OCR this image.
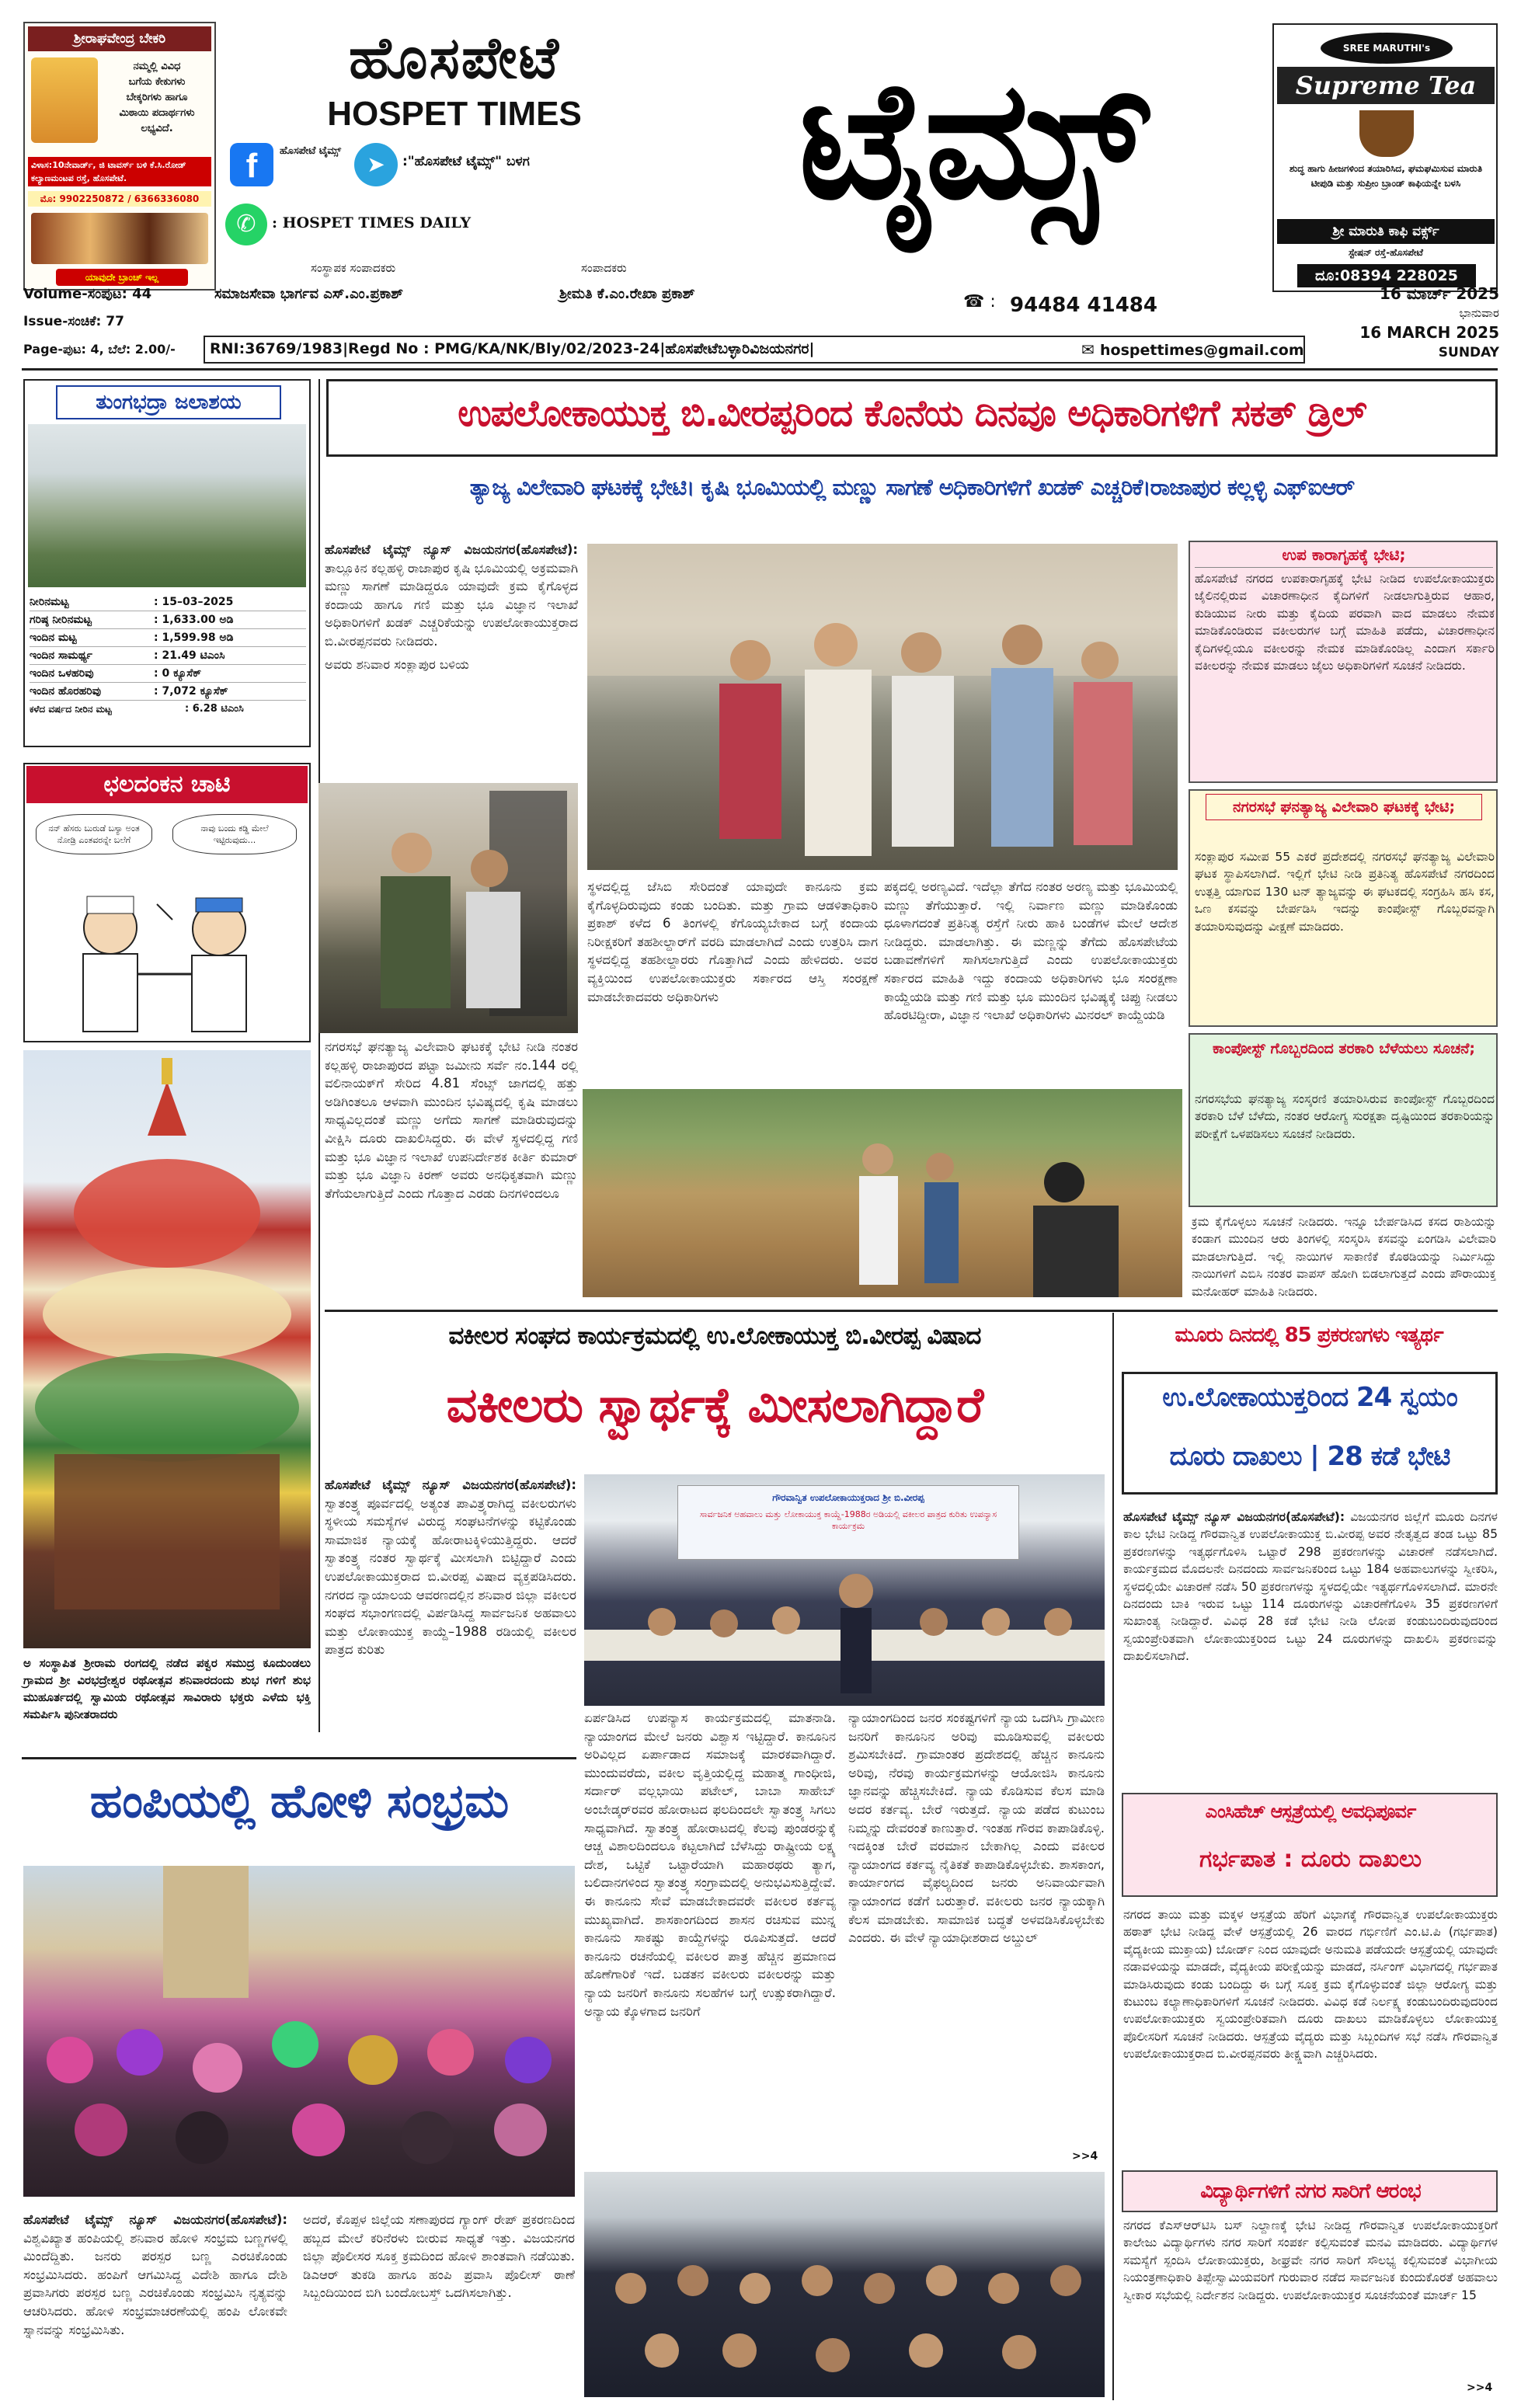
ಶ್ರೀರಾಘವೇಂದ್ರ ಬೇಕರಿ
ನಮ್ಮಲ್ಲಿ ವಿವಿಧ
ಬಗೆಯ ಕೇಕುಗಳು
ಬೇಕ್ಕರಿಗಳು ಹಾಗೂ
ಮಿಠಾಯಿ ಪದಾರ್ಥಗಳು ಲಭ್ಯವಿದೆ.
ವಿಳಾಸ:10ನೇವಾರ್ಡ್, ಜಿ ಟಾವರ್ಸ್‌ ಬಳಿ ಕೆ.ಸಿ.ರೋಡ್ ಕಲ್ಯಾಣಮಂಟಪ ರಸ್ತೆ, ಹೊಸಪೇಟೆ.
ಮೊ: 9902250872 / 6366336080
ಯಾವುದೇ ಬ್ರಾಂಚ್ ಇಲ್ಲ
ಹೊಸಪೇಟೆ
HOSPET TIMES	ಟೈಮ್ಸ್
f	ಹೊಸಪೇಟೆ ಟೈಮ್ಸ್
➤	:"ಹೊಸಪೇಟೆ ಟೈಮ್ಸ್" ಬಳಗ
✆	: HOSPET TIMES DAILY
ಸಂಸ್ಥಾಪಕ ಸಂಪಾದಕರು	ಸಂಪಾದಕರು
SREE MARUTHI's
Supreme Tea
ಶುದ್ಧ ಹಾಗು ಹೀಜಗಳಿಂದ ತಯಾರಿಸಿದ, ಘಮಘಮಿಸುವ ಮಾರುತಿ ಟೀಪುಡಿ ಮತ್ತು ಸುಪ್ರೀಂ ಬ್ರಾಂಡ್ ಕಾಫಿಯನ್ನೇ ಬಳಸಿ
ಶ್ರೀ ಮಾರುತಿ ಕಾಫಿ ವರ್ಕ್ಸ್
ಸ್ಟೇಷನ್ ರಸ್ತೆ-ಹೊಸಪೇಟೆ
ದೂ:08394 228025
Volume-ಸಂಪುಟ: 44
Issue-ಸಂಚಿಕೆ: 77
Page-ಪುಟ: 4, ಬೆಲೆ: 2.00/-
ಸಮಾಜಸೇವಾ ಭಾರ್ಗವ ಎಸ್.ಎಂ.ಪ್ರಕಾಶ್	ಶ್ರೀಮತಿ ಕೆ.ಎಂ.ರೇಖಾ ಪ್ರಕಾಶ್	☎ : 94484 41484	16 ಮಾರ್ಚ್ 2025
ಭಾನುವಾರ
16 MARCH 2025
SUNDAY
RNI:36769/1983|Regd No : PMG/KA/NK/Bly/02/2023-24|ಹೊಸಪೇಟೆಬಳ್ಳಾರಿವಿಜಯನಗರ|	✉ hospettimes@gmail.com
ತುಂಗಭದ್ರಾ ಜಲಾಶಯ
ನೀರಿನಮಟ್ಟ	: 15–03–2025
ಗರಿಷ್ಠ ನೀರಿನಮಟ್ಟ	: 1,633.00 ಅಡಿ
ಇಂದಿನ ಮಟ್ಟ	: 1,599.98 ಅಡಿ
ಇಂದಿನ ಸಾಮರ್ಥ್ಯ	: 21.49 ಟಿಎಂಸಿ
ಇಂದಿನ ಒಳಹರಿವು	: 0 ಕ್ಯೂಸೆಕ್
ಇಂದಿನ ಹೊರಹರಿವು	: 7,072 ಕ್ಯೂಸೆಕ್
ಕಳೆದ ವರ್ಷದ ನೀರಿನ ಮಟ್ಟ	: 6.28 ಟಿಎಂಸಿ
ಛಲದಂಕನ ಚಾಟಿ
ನನ್ ಹೆಸರು ಬುರುಡೆ ಬಸ್ಯಾ ಅಂತ ನೋಡ್ರಿ ಎಂತವರನ್ನೇ ಬಲೆಗೆ
ನಾವು ಬಂದು ಕಡ್ಡಿ ಮೇಲೆ ಇಟ್ಟಿರುವುದು...
ಅ ಸಂಸ್ಥಾಪಿತ ಶ್ರೀರಾಮ ರಂಗದಲ್ಲಿ ನಡೆದ ಪಕ್ವರ ಸಮುದ್ರ ಕೂದುಂಡಲು ಗ್ರಾಮದ ಶ್ರೀ ವಿರಭದ್ರೇಶ್ವರ ರಥೋತ್ಸವ ಶನಿವಾರದಂದು ಶುಭ ಗಳಿಗೆ ಶುಭ ಮುಹೂರ್ತದಲ್ಲಿ ಸ್ವಾಮಿಯ ರಥೋತ್ಸವ ಸಾವಿರಾರು ಭಕ್ತರು ಎಳೆದು ಭಕ್ತಿ ಸಮರ್ಪಿಸಿ ಪುನೀತರಾದರು
ಉಪಲೋಕಾಯುಕ್ತ ಬಿ.ವೀರಪ್ಪರಿಂದ ಕೊನೆಯ ದಿನವೂ ಅಧಿಕಾರಿಗಳಿಗೆ ಸಕತ್ ಡ್ರಿಲ್
ತ್ಯಾಜ್ಯ ವಿಲೇವಾರಿ ಘಟಕಕ್ಕೆ ಭೇಟಿ। ಕೃಷಿ ಭೂಮಿಯಲ್ಲಿ ಮಣ್ಣು ಸಾಗಣೆ ಅಧಿಕಾರಿಗಳಿಗೆ ಖಡಕ್ ಎಚ್ಚರಿಕೆ।ರಾಜಾಪುರ ಕಲ್ಲಳ್ಳಿ ಎಫ್‌ಐಆರ್
ಹೊಸಪೇಟೆ ಟೈಮ್ಸ್ ನ್ಯೂಸ್ ವಿಜಯನಗರ(ಹೊಸಪೇಟೆ): ತಾಲ್ಲೂಕಿನ ಕಲ್ಲಹಳ್ಳಿ ರಾಜಾಪುರ ಕೃಷಿ ಭೂಮಿಯಲ್ಲಿ ಅಕ್ರಮವಾಗಿ ಮಣ್ಣು ಸಾಗಣೆ ಮಾಡಿದ್ದರೂ ಯಾವುದೇ ಕ್ರಮ ಕೈಗೊಳ್ಳದ ಕಂದಾಯ ಹಾಗೂ ಗಣಿ ಮತ್ತು ಭೂ ವಿಜ್ಞಾನ ಇಲಾಖೆ ಅಧಿಕಾರಿಗಳಿಗೆ ಖಡಕ್ ಎಚ್ಚರಿಕೆಯನ್ನು ಉಪಲೋಕಾಯುಕ್ತರಾದ ಬಿ.ವೀರಪ್ಪನವರು ನೀಡಿದರು.

ಅವರು ಶನಿವಾರ ಸಂಕ್ಲಾಪುರ ಬಳಿಯ

ನಗರಸಭೆ ಘನತ್ಯಾಜ್ಯ ವಿಲೇವಾರಿ ಘಟಕಕ್ಕೆ ಭೇಟಿ ನೀಡಿ ನಂತರ ಕಲ್ಲಹಳ್ಳಿ ರಾಜಾಪುರದ ಪಟ್ಟಾ ಜಮೀನು ಸರ್ವೆ ನಂ.144 ರಲ್ಲಿ ವಲಿನಾಯಕ್‌ಗೆ ಸೇರಿದ 4.81 ಸೆಂಟ್ಸ್ ಜಾಗದಲ್ಲಿ ಹತ್ತು ಅಡಿಗಿಂತಲೂ ಆಳವಾಗಿ ಮುಂದಿನ ಭವಿಷ್ಯದಲ್ಲಿ ಕೃಷಿ ಮಾಡಲು ಸಾಧ್ಯವಿಲ್ಲದಂತೆ ಮಣ್ಣು ಅಗೆದು ಸಾಗಣೆ ಮಾಡಿರುವುದನ್ನು ವೀಕ್ಷಿಸಿ ದೂರು ದಾಖಲಿಸಿದ್ದರು. ಈ ವೇಳೆ ಸ್ಥಳದಲ್ಲಿದ್ದ ಗಣಿ ಮತ್ತು ಭೂ ವಿಜ್ಞಾನ ಇಲಾಖೆ ಉಪನಿರ್ದೇಶಕ ಕೀರ್ತಿ ಕುಮಾರ್ ಮತ್ತು ಭೂ ವಿಜ್ಞಾನಿ ಕಿರಣ್ ಅವರು ಅನಧಿಕೃತವಾಗಿ ಮಣ್ಣು ತೆಗೆಯಲಾಗುತ್ತಿದೆ ಎಂದು ಗೊತ್ತಾದ ಎರಡು ದಿನಗಳಿಂದಲೂ
ಸ್ಥಳದಲ್ಲಿದ್ದ ಜೆಸಿಬಿ ಸೇರಿದಂತೆ ಯಾವುದೇ ಕಾನೂನು ಕ್ರಮ ಕೈಗೊಳ್ಳದಿರುವುದು ಕಂಡು ಬಂದಿತು. ಮತ್ತು ಗ್ರಾಮ ಆಡಳಿತಾಧಿಕಾರಿ ಪ್ರಕಾಶ್ ಕಳೆದ 6 ತಿಂಗಳಲ್ಲಿ ಕೆಗೊಯ್ಯಬೇಕಾದ ಬಗ್ಗೆ ಕಂದಾಯ ನಿರೀಕ್ಷಕರಿಗೆ ತಹಶೀಲ್ದಾರ್‌ಗೆ ವರದಿ ಮಾಡಲಾಗಿದೆ ಎಂದು ಉತ್ತರಿಸಿ ದಾಗ ಸ್ಥಳದಲ್ಲಿದ್ದ ತಹಶೀಲ್ದಾರರು ಗೊತ್ತಾಗಿದೆ ಎಂದು ಹೇಳಿದರು. ಅವರ ವ್ಯಕ್ತಿಯಿಂದ ಉಪಲೋಕಾಯುಕ್ತರು ಸರ್ಕಾರದ ಆಸ್ತಿ ಸಂರಕ್ಷಣೆ ಮಾಡಬೇಕಾದವರು ಅಧಿಕಾರಿಗಳು
ಪಕ್ಕದಲ್ಲಿ ಅರಣ್ಯವಿದೆ. ಇದೆಲ್ಲಾ ತೆಗೆದ ನಂತರ ಅರಣ್ಯ ಮತ್ತು ಭೂಮಿಯಲ್ಲಿ ಮಣ್ಣು ತೆಗೆಯುತ್ತಾರೆ. ಇಲ್ಲಿ ನಿರ್ವಾಣ ಮಣ್ಣು ಮಾಡಿಕೊಂಡು ಧೂಳಾಗದಂತೆ ಪ್ರತಿನಿತ್ಯ ರಸ್ತೆಗೆ ನೀರು ಹಾಕಿ ಬಂಡೆಗಳ ಮೇಲೆ ಆದೇಶ ನೀಡಿದ್ದರು. ಮಾಡಲಾಗಿತ್ತು. ಈ ಮಣ್ಣನ್ನು ತೆಗೆದು ಹೊಸಪೇಟೆಯ ಬಡಾವಣೆಗಳಿಗೆ ಸಾಗಿಸಲಾಗುತ್ತಿದೆ ಎಂದು ಉಪಲೋಕಾಯುಕ್ತರು ಸರ್ಕಾರದ ಮಾಹಿತಿ ಇದ್ದು ಕಂದಾಯ ಅಧಿಕಾರಿಗಳು ಭೂ ಸಂರಕ್ಷಣಾ ಕಾಯ್ದೆಯಡಿ ಮತ್ತು ಗಣಿ ಮತ್ತು ಭೂ ಮುಂದಿನ ಭವಿಷ್ಯಕ್ಕೆ ಚಿಪ್ಪು ನೀಡಲು ಹೊರಟಿದ್ದೀರಾ, ವಿಜ್ಞಾನ ಇಲಾಖೆ ಅಧಿಕಾರಿಗಳು ಮಿನರಲ್ ಕಾಯ್ದೆಯಡಿ
ಉಪ ಕಾರಾಗೃಹಕ್ಕೆ ಭೇಟಿ;
ಹೊಸಪೇಟೆ ನಗರದ ಉಪಕಾರಾಗೃಹಕ್ಕೆ ಭೇಟಿ ನೀಡಿದ ಉಪಲೋಕಾಯುಕ್ತರು ಜೈಲಿನಲ್ಲಿರುವ ವಿಚಾರಣಾಧೀನ ಕೈದಿಗಳಿಗೆ ನೀಡಲಾಗುತ್ತಿರುವ ಆಹಾರ, ಕುಡಿಯುವ ನೀರು ಮತ್ತು ಕೈದಿಯ ಪರವಾಗಿ ವಾದ ಮಾಡಲು ನೇಮಕ ಮಾಡಿಕೊಂಡಿರುವ ವಕೀಲರುಗಳ ಬಗ್ಗೆ ಮಾಹಿತಿ ಪಡೆದು, ವಿಚಾರಣಾಧೀನ ಕೈದಿಗಳಲ್ಲಿಯೂ ವಕೀಲರನ್ನು ನೇಮಕ ಮಾಡಿಕೊಂಡಿಲ್ಲ ಎಂದಾಗ ಸರ್ಕಾರಿ ವಕೀಲರನ್ನು ನೇಮಕ ಮಾಡಲು ಜೈಲು ಅಧಿಕಾರಿಗಳಿಗೆ ಸೂಚನೆ ನೀಡಿದರು.
ನಗರಸಭೆ ಘನತ್ಯಾಜ್ಯ ವಿಲೇವಾರಿ ಘಟಕಕ್ಕೆ ಭೇಟಿ;
ಸಂಕ್ಲಾಪುರ ಸಮೀಪ 55 ಎಕರೆ ಪ್ರದೇಶದಲ್ಲಿ ನಗರಸಭೆ ಘನತ್ಯಾಜ್ಯ ವಿಲೇವಾರಿ ಘಟಕ ಸ್ಥಾಪಿಸಲಾಗಿದೆ. ಇಲ್ಲಿಗೆ ಭೇಟಿ ನೀಡಿ ಪ್ರತಿನಿತ್ಯ ಹೊಸಪೇಟೆ ನಗರದಿಂದ ಉತ್ಪತ್ತಿ ಯಾಗುವ 130 ಟನ್ ತ್ಯಾಜ್ಯವನ್ನು ಈ ಘಟಕದಲ್ಲಿ ಸಂಗ್ರಹಿಸಿ ಹಸಿ ಕಸ, ಒಣ ಕಸವನ್ನು ಬೇರ್ಪಡಿಸಿ ಇದನ್ನು ಕಾಂಪೋಸ್ಟ್ ಗೊಬ್ಬರವನ್ನಾಗಿ ತಯಾರಿಸುವುದನ್ನು ವೀಕ್ಷಣೆ ಮಾಡಿದರು.
ಕಾಂಪೋಸ್ಟ್ ಗೊಬ್ಬರದಿಂದ ತರಕಾರಿ ಬೆಳೆಯಲು ಸೂಚನೆ;
ನಗರಸಭೆಯ ಘನತ್ಯಾಜ್ಯ ಸಂಸ್ಕರಣಿ ತಯಾರಿಸಿರುವ ಕಾಂಪೋಸ್ಟ್ ಗೊಬ್ಬರದಿಂದ ತರಕಾರಿ ಬೆಳೆ ಬೆಳೆದು, ನಂತರ ಆರೋಗ್ಯ ಸುರಕ್ಷತಾ ದೃಷ್ಟಿಯಿಂದ ತರಕಾರಿಯನ್ನು ಪರೀಕ್ಷೆಗೆ ಒಳಪಡಿಸಲು ಸೂಚನೆ ನೀಡಿದರು.
ಕ್ರಮ ಕೈಗೊಳ್ಳಲು ಸೂಚನೆ ನೀಡಿದರು. ಇನ್ನೂ ಬೇರ್ಪಡಿಸಿದ ಕಸದ ರಾಶಿಯನ್ನು ಕಂಡಾಗ ಮುಂದಿನ ಆರು ತಿಂಗಳಲ್ಲಿ ಸಂಸ್ಕರಿಸಿ ಕಸವನ್ನು ಏಂಗಡಿಸಿ ವಿಲೇವಾರಿ ಮಾಡಲಾಗುತ್ತಿದೆ. ಇಲ್ಲಿ ನಾಯಿಗಳ ಸಾಕಾಣಿಕೆ ಕೊಠಡಿಯನ್ನು ನಿರ್ಮಿಸಿದ್ದು ನಾಯಿಗಳಿಗೆ ಎಬಿಸಿ ನಂತರ ವಾಪಸ್ ಹೋಗಿ ಬಿಡಲಾಗುತ್ತದೆ ಎಂದು ಪೌರಾಯುಕ್ತ ಮನೋಹರ್ ಮಾಹಿತಿ ನೀಡಿದರು.
ವಕೀಲರ ಸಂಘದ ಕಾರ್ಯಕ್ರಮದಲ್ಲಿ ಉ.ಲೋಕಾಯುಕ್ತ ಬಿ.ವೀರಪ್ಪ ವಿಷಾದ
ವಕೀಲರು ಸ್ವಾರ್ಥಕ್ಕೆ ಮೀಸಲಾಗಿದ್ದಾರೆ
ಹೊಸಪೇಟೆ ಟೈಮ್ಸ್ ನ್ಯೂಸ್ ವಿಜಯನಗರ(ಹೊಸಪೇಟೆ): ಸ್ವಾತಂತ್ರ್ಯ ಪೂರ್ವದಲ್ಲಿ ಅತ್ಯಂತ ಪಾವಿತ್ರ್ಯರಾಗಿದ್ದ ವಕೀಲರುಗಳು ಸ್ಥಳೀಯ ಸಮಸ್ಯೆಗಳ ವಿರುದ್ಧ ಸಂಘಟನೆಗಳನ್ನು ಕಟ್ಟಿಕೊಂಡು ಸಾಮಾಜಿಕ ನ್ಯಾಯಕ್ಕೆ ಹೋರಾಟಕ್ಕಿಳಿಯುತ್ತಿದ್ದರು. ಆದರೆ ಸ್ವಾತಂತ್ರ್ಯ ನಂತರ ಸ್ವಾರ್ಥಕ್ಕೆ ಮೀಸಲಾಗಿ ಬಿಟ್ಟಿದ್ದಾರೆ ಎಂದು ಉಪಲೋಕಾಯುಕ್ತರಾದ ಬಿ.ವೀರಪ್ಪ ವಿಷಾದ ವ್ಯಕ್ತಪಡಿಸಿದರು. ನಗರದ ನ್ಯಾಯಾಲಯ ಆವರಣದಲ್ಲಿನ ಶನಿವಾರ ಜಿಲ್ಲಾ ವಕೀಲರ ಸಂಘದ ಸಭಾಂಗಣದಲ್ಲಿ ವಿರ್ಪಡಿಸಿದ್ದ ಸಾರ್ವಜನಿಕ ಅಹವಾಲು ಮತ್ತು ಲೋಕಾಯುಕ್ತ ಕಾಯ್ದೆ–1988 ರಡಿಯಲ್ಲಿ ವಕೀಲರ ಪಾತ್ರದ ಕುರಿತು
ಗೌರವಾನ್ವಿತ ಉಪಲೋಕಾಯುಕ್ತರಾದ ಶ್ರೀ ಬಿ.ವೀರಪ್ಪ
ಸಾರ್ವಜನಿಕ ಅಹವಾಲು ಮತ್ತು ಲೋಕಾಯುಕ್ತ ಕಾಯ್ದೆ-1988ರ ಅಡಿಯಲ್ಲಿ ವಕೀಲರ ಪಾತ್ರದ ಕುರಿತು ಉಪನ್ಯಾಸ ಕಾರ್ಯಕ್ರಮ
ಏರ್ಪಡಿಸಿದ ಉಪನ್ಯಾಸ ಕಾರ್ಯಕ್ರಮದಲ್ಲಿ ಮಾತನಾಡಿ. ನ್ಯಾಯಾಂಗದ ಮೇಲೆ ಜನರು ವಿಶ್ವಾಸ ಇಟ್ಟಿದ್ದಾರೆ. ಕಾನೂನಿನ ಅರಿವಿಲ್ಲದ ಏರ್ಪಾಡಾದ ಸಮಾಜಕ್ಕೆ ಮಾರಕವಾಗಿದ್ದಾರೆ. ಮುಂದುವರೆದು, ವಕೀಲ ವೃತ್ತಿಯಲ್ಲಿದ್ದ ಮಹಾತ್ಮ ಗಾಂಧೀಜಿ, ಸರ್ದಾರ್ ವಲ್ಲಭಾಯಿ ಪಟೇಲ್, ಬಾಬಾ ಸಾಹೇಬ್ ಅಂಬೇಡ್ಕರ್‌ರವರ ಹೋರಾಟದ ಫಲದಿಂದಲೇ ಸ್ವಾತಂತ್ರ್ಯ ಸಿಗಲು ಸಾಧ್ಯವಾಗಿದೆ. ಸ್ವಾತಂತ್ರ್ಯ ಹೋರಾಟದಲ್ಲಿ ಕೆಲವು ಪುಂಡರನ್ನುಕ್ಕೆ ಆಚ್ಚ ವಿಶಾಲದಿಂದಲೂ ಕಟ್ಟಲಾಗಿದೆ ಬೆಳೆಸಿದ್ದು ರಾಷ್ಟ್ರೀಯ ಲಕ್ಷ್ಯ ದೇಶ, ಒಟ್ಟಿಕೆ ಒಟ್ಟಾರೆಯಾಗಿ ಮಹಾರಥರು ತ್ಯಾಗ, ಬಲಿದಾನಗಳಿಂದ ಸ್ವಾತಂತ್ರ್ಯ ಸಂಗ್ರಾಮದಲ್ಲಿ ಅನುಭವಿಸುತ್ತಿದ್ದೇವೆ. ಈ ಕಾನೂನು ಸೇವೆ ಮಾಡಬೇಕಾದವರೇ ವಕೀಲರ ಕರ್ತವ್ಯ ಮುಖ್ಯವಾಗಿದೆ. ಶಾಸಕಾಂಗದಿಂದ ಶಾಸನ ರಚಿಸುವ ಮುನ್ನ ಕಾನೂನು ಸಾಕಷ್ಟು ಕಾಯ್ದೆಗಳನ್ನು ರೂಪಿಸುತ್ತದೆ. ಆದರೆ ಕಾನೂನು ರಚನೆಯಲ್ಲಿ ವಕೀಲರ ಪಾತ್ರ ಹೆಚ್ಚಿನ ಪ್ರಮಾಣದ ಹೊಣೆಗಾರಿಕೆ ಇದೆ. ಬಡತನ ವಕೀಲರು ವಕೀಲರನ್ನು ಮತ್ತು ನ್ಯಾಯ ಜನರಿಗೆ ಕಾನೂನು ಸಲಹೆಗಳ ಬಗ್ಗೆ ಉತ್ಸುಕರಾಗಿದ್ದಾರೆ. ಅನ್ಯಾಯ ಕ್ಕೊಳಗಾದ ಜನರಿಗೆ
ನ್ಯಾಯಾಂಗದಿಂದ ಜನರ ಸಂಕಷ್ಟಗಳಿಗೆ ನ್ಯಾಯ ಒದಗಿಸಿ ಗ್ರಾಮೀಣ ಜನರಿಗೆ ಕಾನೂನಿನ ಅರಿವು ಮೂಡಿಸುವಲ್ಲಿ ವಕೀಲರು ಶ್ರಮಿಸಬೇಕಿದೆ. ಗ್ರಾಮಾಂತರ ಪ್ರದೇಶದಲ್ಲಿ ಹೆಚ್ಚಿನ ಕಾನೂನು ಅರಿವು, ನೆರವು ಕಾರ್ಯಕ್ರಮಗಳನ್ನು ಆಯೋಜಿಸಿ ಕಾನೂನು ಜ್ಞಾನವನ್ನು ಹೆಚ್ಚಿಸಬೇಕಿದೆ. ನ್ಯಾಯ ಕೊಡಿಸುವ ಕೆಲಸ ಮಾಡಿ ಅದರ ಕರ್ತವ್ಯ. ಬೇರೆ ಇರುತ್ತದೆ. ನ್ಯಾಯ ಪಡೆದ ಕುಟುಂಬ ನಿಮ್ಮನ್ನು ದೇವರಂತೆ ಕಾಣುತ್ತಾರೆ. ಇಂತಹ ಗೌರವ ಕಾಪಾಡಿಕೊಳ್ಳಿ. ಇದಕ್ಕಿಂತ ಬೇರೆ ವರಮಾನ ಬೇಕಾಗಿಲ್ಲ ಎಂದು ವಕೀಲರ ನ್ಯಾಯಾಂಗದ ಕರ್ತವ್ಯ ನೈತಿಕತೆ ಕಾಪಾಡಿಕೊಳ್ಳಬೇಕು. ಶಾಸಕಾಂಗ, ಕಾರ್ಯಾಂಗದ ವೈಫಲ್ಯದಿಂದ ಜನರು ಅನಿವಾರ್ಯವಾಗಿ ನ್ಯಾಯಾಂಗದ ಕಡೆಗೆ ಬರುತ್ತಾರೆ. ವಕೀಲರು ಜನರ ನ್ಯಾಯಕ್ಕಾಗಿ ಕೆಲಸ ಮಾಡಬೇಕು. ಸಾಮಾಜಿಕ ಬದ್ಧತೆ ಅಳವಡಿಸಿಕೊಳ್ಳಬೇಕು ಎಂದರು. ಈ ವೇಳೆ ನ್ಯಾಯಾಧೀಶರಾದ ಅಬ್ದುಲ್
>>4
ಮೂರು ದಿನದಲ್ಲಿ 85 ಪ್ರಕರಣಗಳು ಇತ್ಯರ್ಥ
ಉ.ಲೋಕಾಯುಕ್ತರಿಂದ 24 ಸ್ವಯಂ
ದೂರು ದಾಖಲು | 28 ಕಡೆ ಭೇಟಿ
ಹೊಸಪೇಟೆ ಟೈಮ್ಸ್ ನ್ಯೂಸ್ ವಿಜಯನಗರ(ಹೊಸಪೇಟೆ): ವಿಜಯನಗರ ಜಿಲ್ಲೆಗೆ ಮೂರು ದಿನಗಳ ಕಾಲ ಭೇಟಿ ನೀಡಿದ್ದ ಗೌರವಾನ್ವಿತ ಉಪಲೋಕಾಯುಕ್ತ ಬಿ.ವೀರಪ್ಪ ಅವರ ನೇತೃತ್ವದ ತಂಡ ಒಟ್ಟು 85 ಪ್ರಕರಣಗಳನ್ನು ಇತ್ಯರ್ಥಗೊಳಿಸಿ ಒಟ್ಟಾರೆ 298 ಪ್ರಕರಣಗಳನ್ನು ವಿಚಾರಣೆ ನಡೆಸಲಾಗಿದೆ. ಕಾರ್ಯಕ್ರಮದ ಮೊದಲನೇ ದಿನದಂದು ಸಾರ್ವಜನಿಕರಿಂದ ಒಟ್ಟು 184 ಅಹವಾಲುಗಳನ್ನು ಸ್ವೀಕರಿಸಿ, ಸ್ಥಳದಲ್ಲಿಯೇ ವಿಚಾರಣೆ ನಡೆಸಿ 50 ಪ್ರಕರಣಗಳನ್ನು ಸ್ಥಳದಲ್ಲಿಯೇ ಇತ್ಯರ್ಥಗೊಳಿಸಲಾಗಿದೆ. ಮಾರನೇ ದಿನದಂದು ಬಾಕಿ ಇರುವ ಒಟ್ಟು 114 ದೂರುಗಳನ್ನು ವಿಚಾರಣೆಗೊಳಿಸಿ 35 ಪ್ರಕರಣಗಳಿಗೆ ಸುಖಾಂತ್ಯ ನೀಡಿದ್ದಾರೆ. ವಿವಿಧ 28 ಕಡೆ ಭೇಟಿ ನೀಡಿ ಲೋಪ ಕಂಡುಬಂದಿರುವುದರಿಂದ ಸ್ವಯಂಪ್ರೇರಿತವಾಗಿ ಲೋಕಾಯುಕ್ತರಿಂದ ಒಟ್ಟು 24 ದೂರುಗಳನ್ನು ದಾಖಲಿಸಿ ಪ್ರಕರಣವನ್ನು ದಾಖಲಿಸಲಾಗಿದೆ.
ಎಂಸಿಹೆಚ್ ಆಸ್ಪತ್ರೆಯಲ್ಲಿ ಅವಧಿಪೂರ್ವ
ಗರ್ಭಪಾತ : ದೂರು ದಾಖಲು
ನಗರದ ತಾಯಿ ಮತ್ತು ಮಕ್ಕಳ ಆಸ್ಪತ್ರೆಯ ಹೆರಿಗೆ ವಿಭಾಗಕ್ಕೆ ಗೌರವಾನ್ವಿತ ಉಪಲೋಕಾಯುಕ್ತರು ಹಠಾತ್ ಭೇಟಿ ನೀಡಿದ್ದ ವೇಳೆ ಆಸ್ಪತ್ರೆಯಲ್ಲಿ 26 ವಾರದ ಗರ್ಭಿಣಿಗೆ ಎಂ.ಟಿ.ಪಿ (ಗರ್ಭಪಾತ) ವೈದ್ಯಕೀಯ ಮುಕ್ತಾಯ) ಬೋರ್ಡ್ ನಿಂದ ಯಾವುದೇ ಅನುಮತಿ ಪಡೆಯದೇ ಆಸ್ಪತ್ರೆಯಲ್ಲಿ ಯಾವುದೇ ನಡಾವಳಿಯನ್ನು ಮಾಡದೇ, ವೈದ್ಯಕೀಯ ಪರೀಕ್ಷೆಯನ್ನು ಮಾಡದೆ, ನರ್ಸಿಂಗ್ ವಿಭಾಗದಲ್ಲಿ ಗರ್ಭಪಾತ ಮಾಡಿಸಿರುವುದು ಕಂಡು ಬಂದಿದ್ದು ಈ ಬಗ್ಗೆ ಸೂಕ್ತ ಕ್ರಮ ಕೈಗೊಳ್ಳುವಂತೆ ಜಿಲ್ಲಾ ಆರೋಗ್ಯ ಮತ್ತು ಕುಟುಂಬ ಕಲ್ಯಾಣಾಧಿಕಾರಿಗಳಿಗೆ ಸೂಚನೆ ನೀಡಿದರು. ವಿವಿಧ ಕಡೆ ನಿರ್ಲಕ್ಷ್ಯ ಕಂಡುಬಂದಿರುವುದರಿಂದ ಉಪಲೋಕಾಯುಕ್ತರು ಸ್ವಯಂಪ್ರೇರಿತವಾಗಿ ದೂರು ದಾಖಲು ಮಾಡಿಕೊಳ್ಳಲು ಲೋಕಾಯುಕ್ತ ಪೊಲೀಸರಿಗೆ ಸೂಚನೆ ನೀಡಿದರು. ಆಸ್ಪತ್ರೆಯ ವೈದ್ಯರು ಮತ್ತು ಸಿಬ್ಬಂದಿಗಳ ಸಭೆ ನಡೆಸಿ ಗೌರವಾನ್ವಿತ ಉಪಲೋಕಾಯುಕ್ತರಾದ ಬಿ.ವೀರಪ್ಪನವರು ತೀಕ್ಷ್ಣವಾಗಿ ಎಚ್ಚರಿಸಿದರು.
ವಿದ್ಯಾರ್ಥಿಗಳಿಗೆ ನಗರ ಸಾರಿಗೆ ಆರಂಭ
ನಗರದ ಕೆಎಸ್‌ಆರ್‌ಟಿಸಿ ಬಸ್ ನಿಲ್ದಾಣಕ್ಕೆ ಭೇಟಿ ನೀಡಿದ್ದ ಗೌರವಾನ್ವಿತ ಉಪಲೋಕಾಯುಕ್ತರಿಗೆ ಕಾಲೇಜು ವಿದ್ಯಾರ್ಥಿಗಳು ನಗರ ಸಾರಿಗೆ ಸಂಪರ್ಕ ಕಲ್ಪಿಸುವಂತೆ ಮನವಿ ಮಾಡಿದರು. ವಿದ್ಯಾರ್ಥಿಗಳ ಸಮಸ್ಯೆಗೆ ಸ್ಪಂದಿಸಿ ಲೋಕಾಯುಕ್ತರು, ಶೀಘ್ರವೇ ನಗರ ಸಾರಿಗೆ ಸೌಲಭ್ಯ ಕಲ್ಪಿಸುವಂತೆ ವಿಭಾಗೀಯ ನಿಯಂತ್ರಣಾಧಿಕಾರಿ ತಿಪ್ಪೇಸ್ವಾಮಿಯವರಿಗೆ ಗುರುವಾರ ನಡೆದ ಸಾರ್ವಜನಿಕ ಕುಂದುಕೊರತೆ ಅಹವಾಲು ಸ್ವೀಕಾರ ಸಭೆಯಲ್ಲಿ ನಿರ್ದೇಶನ ನೀಡಿದ್ದರು. ಉಪಲೋಕಾಯುಕ್ತರ ಸೂಚನೆಯಂತೆ ಮಾರ್ಚ್ 15
>>4
ಹಂಪಿಯಲ್ಲಿ ಹೋಳಿ ಸಂಭ್ರಮ
ಹೊಸಪೇಟೆ ಟೈಮ್ಸ್ ನ್ಯೂಸ್ ವಿಜಯನಗರ(ಹೊಸಪೇಟೆ): ವಿಶ್ವವಿಖ್ಯಾತ ಹಂಪಿಯಲ್ಲಿ ಶನಿವಾರ ಹೋಳಿ ಸಂಭ್ರಮ ಬಣ್ಣಗಳಲ್ಲಿ ಮಿಂದೆದ್ದಿತು. ಜನರು ಪರಸ್ಪರ ಬಣ್ಣ ಎರಚಿಕೊಂಡು ಸಂಭ್ರಮಿಸಿದರು. ಹಂಪಿಗೆ ಆಗಮಿಸಿದ್ದ ವಿದೇಶಿ ಹಾಗೂ ದೇಶಿ ಪ್ರವಾಸಿಗರು ಪರಸ್ಪರ ಬಣ್ಣ ಎರಚಿಕೊಂಡು ಸಂಭ್ರಮಿಸಿ ನೃತ್ಯವನ್ನು ಆಚರಿಸಿದರು. ಹೋಳಿ ಸಂಭ್ರಮಾಚರಣೆಯಲ್ಲಿ ಹಂಪಿ ಲೋಕವೇ ಸ್ನಾನವನ್ನು ಸಂಭ್ರಮಿಸಿತು.
ಅದರೆ, ಕೊಪ್ಪಳ ಜಿಲ್ಲೆಯ ಸಣಾಪುರದ ಗ್ಯಾಂಗ್ ರೇಪ್ ಪ್ರಕರಣದಿಂದ ಹಬ್ಬದ ಮೇಲೆ ಕರಿನೆರಳು ಬೀರುವ ಸಾಧ್ಯತೆ ಇತ್ತು. ವಿಜಯನಗರ ಜಿಲ್ಲಾ ಪೊಲೀಸರ ಸೂಕ್ತ ಕ್ರಮದಿಂದ ಹೋಳಿ ಶಾಂತವಾಗಿ ನಡೆಯಿತು. ಡಿಎಆರ್ ತುಕಡಿ ಹಾಗೂ ಹಂಪಿ ಪ್ರವಾಸಿ ಪೊಲೀಸ್ ಠಾಣೆ ಸಿಬ್ಬಂದಿಯಿಂದ ಬಿಗಿ ಬಂದೋಬಸ್ತ್ ಒದಗಿಸಲಾಗಿತ್ತು.
